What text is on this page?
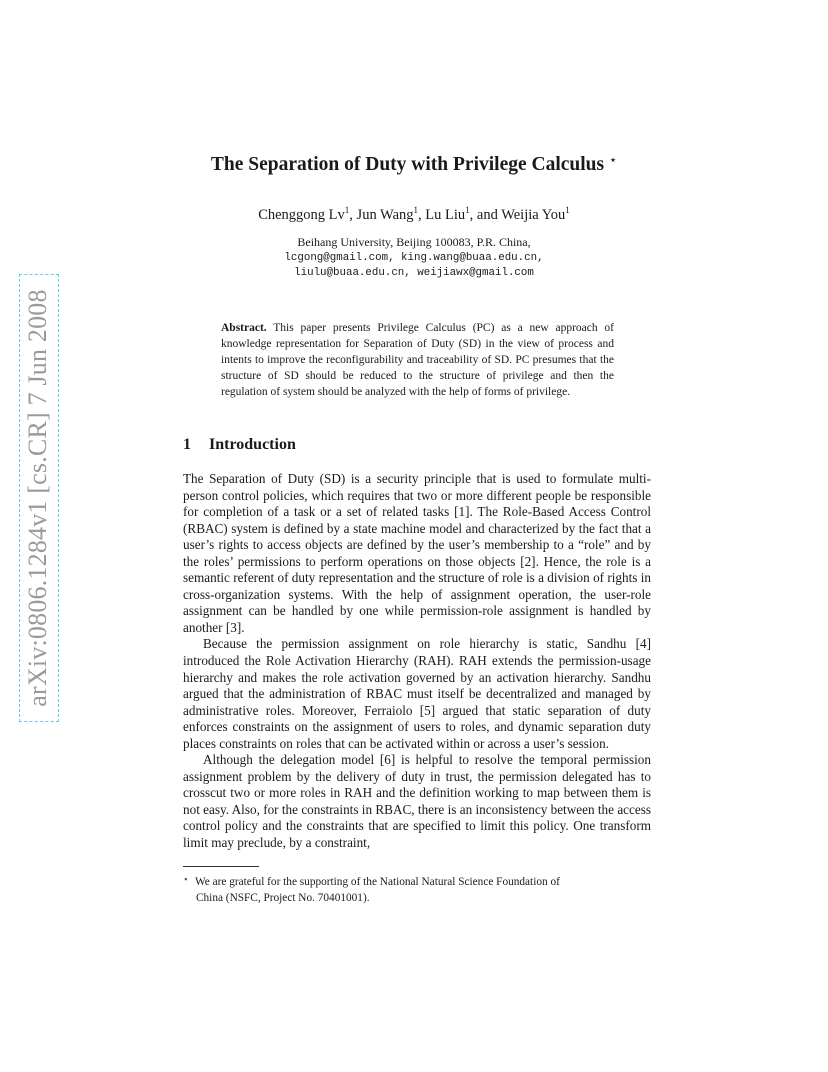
arXiv:0806.1284v1 [cs.CR] 7 Jun 2008
The Separation of Duty with Privilege Calculus ⋆
Chenggong Lv$^1$, Jun Wang$^1$, Lu Liu$^1$, and Weijia You$^1$
Beihang University, Beijing 100083, P.R. China,
lcgong@gmail.com, king.wang@buaa.edu.cn,
liulu@buaa.edu.cn, weijiawx@gmail.com
Abstract. This paper presents Privilege Calculus (PC) as a new approach of knowledge representation for Separation of Duty (SD) in the view of process and intents to improve the reconfigurability and traceability of SD. PC presumes that the structure of SD should be reduced to the structure of privilege and then the regulation of system should be analyzed with the help of forms of privilege.
1 Introduction

The Separation of Duty (SD) is a security principle that is used to formulate multi-person control policies, which requires that two or more different people be responsible for completion of a task or a set of related tasks [1]. The Role-Based Access Control (RBAC) system is defined by a state machine model and characterized by the fact that a user’s rights to access objects are defined by the user’s membership to a “role” and by the roles’ permissions to perform operations on those objects [2]. Hence, the role is a semantic referent of duty representation and the structure of role is a division of rights in cross-organization systems. With the help of assignment operation, the user-role assignment can be handled by one while permission-role assignment is handled by another [3].

Because the permission assignment on role hierarchy is static, Sandhu [4] introduced the Role Activation Hierarchy (RAH). RAH extends the permission-usage hierarchy and makes the role activation governed by an activation hierarchy. Sandhu argued that the administration of RBAC must itself be decentralized and managed by administrative roles. Moreover, Ferraiolo [5] argued that static separation of duty enforces constraints on the assignment of users to roles, and dynamic separation duty places constraints on roles that can be activated within or across a user’s session.

Although the delegation model [6] is helpful to resolve the temporal permission assignment problem by the delivery of duty in trust, the permission delegated has to crosscut two or more roles in RAH and the definition working to map between them is not easy. Also, for the constraints in RBAC, there is an inconsistency between the access control policy and the constraints that are specified to limit this policy. One transform limit may preclude, by a constraint,

⋆ We are grateful for the supporting of the National Natural Science Foundation of
China (NSFC, Project No. 70401001).
